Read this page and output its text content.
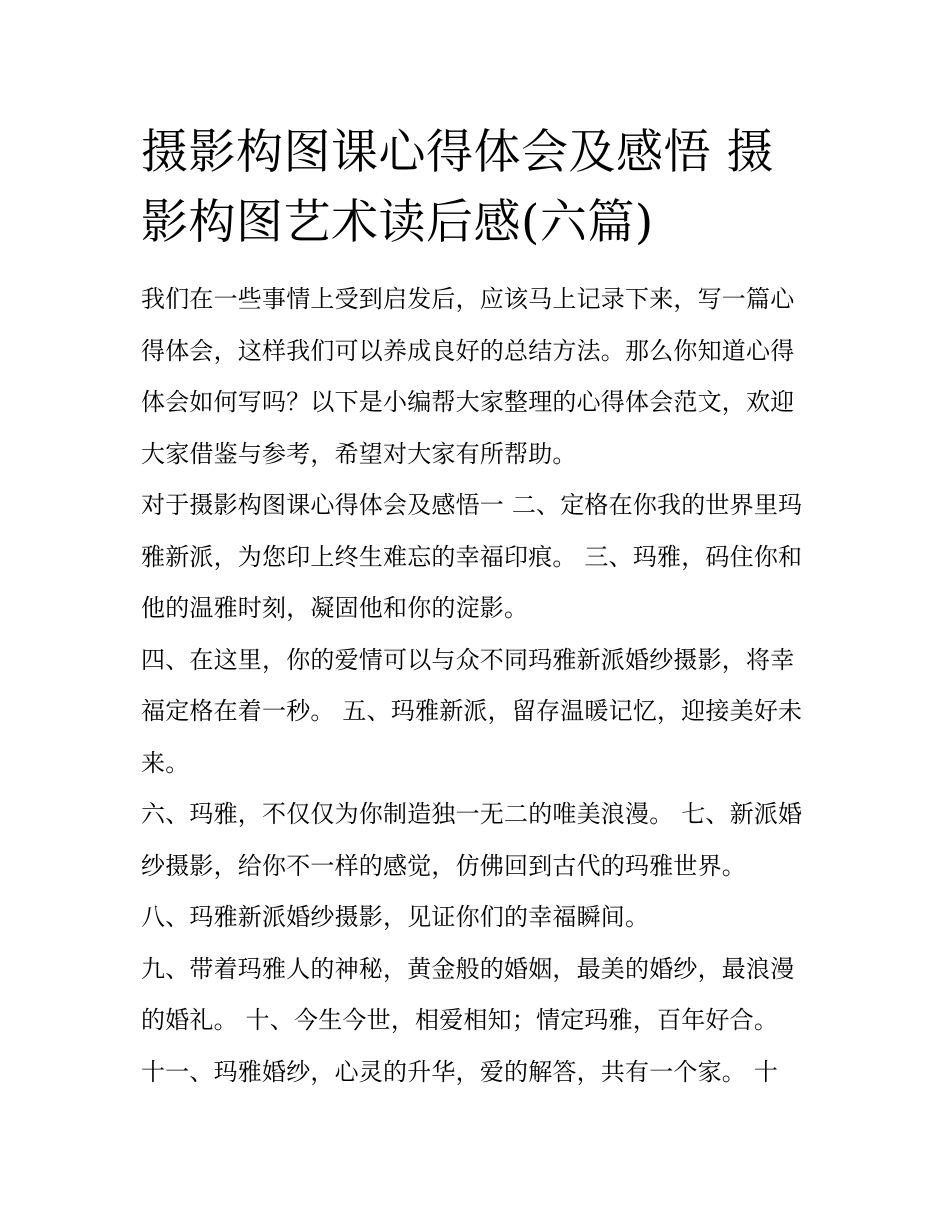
摄影构图课心得体会及感悟 摄影构图艺术读后感(六篇)

我们在一些事情上受到启发后，应该马上记录下来，写一篇心得体会，这样我们可以养成良好的总结方法。那么你知道心得体会如何写吗？以下是小编帮大家整理的心得体会范文，欢迎大家借鉴与参考，希望对大家有所帮助。

对于摄影构图课心得体会及感悟一 二、定格在你我的世界里玛雅新派，为您印上终生难忘的幸福印痕。 三、玛雅，码住你和他的温雅时刻，凝固他和你的淀影。

四、在这里，你的爱情可以与众不同玛雅新派婚纱摄影，将幸福定格在着一秒。 五、玛雅新派，留存温暖记忆，迎接美好未来。

六、玛雅，不仅仅为你制造独一无二的唯美浪漫。 七、新派婚纱摄影，给你不一样的感觉，仿佛回到古代的玛雅世界。

八、玛雅新派婚纱摄影，见证你们的幸福瞬间。

九、带着玛雅人的神秘，黄金般的婚姻，最美的婚纱，最浪漫的婚礼。 十、今生今世，相爱相知；情定玛雅，百年好合。

十一、玛雅婚纱，心灵的升华，爱的解答，共有一个家。 十
